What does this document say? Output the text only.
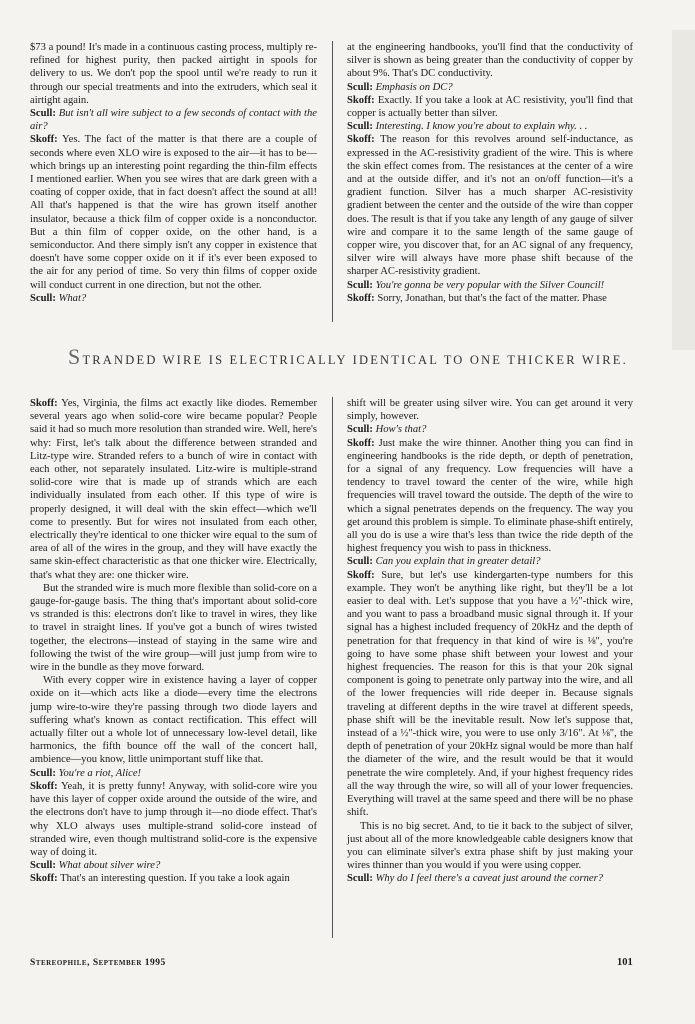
$73 a pound! It's made in a continuous casting process, multiply re-refined for highest purity, then packed airtight in spools for delivery to us. We don't pop the spool until we're ready to run it through our special treatments and into the extruders, which seal it airtight again.

Scull: But isn't all wire subject to a few seconds of contact with the air?

Skoff: Yes. The fact of the matter is that there are a couple of seconds where even XLO wire is exposed to the air—it has to be—which brings up an interesting point regarding the thin-film effects I mentioned earlier. When you see wires that are dark green with a coating of copper oxide, that in fact doesn't affect the sound at all! All that's happened is that the wire has grown itself another insulator, because a thick film of copper oxide is a nonconductor. But a thin film of copper oxide, on the other hand, is a semiconductor. And there simply isn't any copper in existence that doesn't have some copper oxide on it if it's ever been exposed to the air for any period of time. So very thin films of copper oxide will conduct current in one direction, but not the other.

Scull: What?

at the engineering handbooks, you'll find that the conductivity of silver is shown as being greater than the conductivity of copper by about 9%. That's DC conductivity.

Scull: Emphasis on DC?

Skoff: Exactly. If you take a look at AC resistivity, you'll find that copper is actually better than silver.

Scull: Interesting. I know you're about to explain why. . .

Skoff: The reason for this revolves around self-inductance, as expressed in the AC-resistivity gradient of the wire. This is where the skin effect comes from. The resistances at the center of a wire and at the outside differ, and it's not an on/off function—it's a gradient function. Silver has a much sharper AC-resistivity gradient between the center and the outside of the wire than copper does. The result is that if you take any length of any gauge of silver wire and compare it to the same length of the same gauge of copper wire, you discover that, for an AC signal of any frequency, silver wire will always have more phase shift because of the sharper AC-resistivity gradient.

Scull: You're gonna be very popular with the Silver Council!

Skoff: Sorry, Jonathan, but that's the fact of the matter. Phase

STRANDED WIRE IS ELECTRICALLY IDENTICAL TO ONE THICKER WIRE.

Skoff: Yes, Virginia, the films act exactly like diodes. Remember several years ago when solid-core wire became popular? People said it had so much more resolution than stranded wire. Well, here's why: First, let's talk about the difference between stranded and Litz-type wire. Stranded refers to a bunch of wire in contact with each other, not separately insulated. Litz-wire is multiple-strand solid-core wire that is made up of strands which are each individually insulated from each other. If this type of wire is properly designed, it will deal with the skin effect—which we'll come to presently. But for wires not insulated from each other, electrically they're identical to one thicker wire equal to the sum of area of all of the wires in the group, and they will have exactly the same skin-effect characteristic as that one thicker wire. Electrically, that's what they are: one thicker wire.

But the stranded wire is much more flexible than solid-core on a gauge-for-gauge basis. The thing that's important about solid-core vs stranded is this: electrons don't like to travel in wires, they like to travel in straight lines. If you've got a bunch of wires twisted together, the electrons—instead of staying in the same wire and following the twist of the wire group—will just jump from wire to wire in the bundle as they move forward.

With every copper wire in existence having a layer of copper oxide on it—which acts like a diode—every time the electrons jump wire-to-wire they're passing through two diode layers and suffering what's known as contact rectification. This effect will actually filter out a whole lot of unnecessary low-level detail, like harmonics, the fifth bounce off the wall of the concert hall, ambience—you know, little unimportant stuff like that.

Scull: You're a riot, Alice!

Skoff: Yeah, it is pretty funny! Anyway, with solid-core wire you have this layer of copper oxide around the outside of the wire, and the electrons don't have to jump through it—no diode effect. That's why XLO always uses multiple-strand solid-core instead of stranded wire, even though multistrand solid-core is the expensive way of doing it.

Scull: What about silver wire?

Skoff: That's an interesting question. If you take a look again

shift will be greater using silver wire. You can get around it very simply, however.

Scull: How's that?

Skoff: Just make the wire thinner. Another thing you can find in engineering handbooks is the ride depth, or depth of penetration, for a signal of any frequency. Low frequencies will have a tendency to travel toward the center of the wire, while high frequencies will travel toward the outside. The depth of the wire to which a signal penetrates depends on the frequency. The way you get around this problem is simple. To eliminate phase-shift entirely, all you do is use a wire that's less than twice the ride depth of the highest frequency you wish to pass in thickness.

Scull: Can you explain that in greater detail?

Skoff: Sure, but let's use kindergarten-type numbers for this example. They won't be anything like right, but they'll be a lot easier to deal with. Let's suppose that you have a ½"-thick wire, and you want to pass a broadband music signal through it. If your signal has a highest included frequency of 20kHz and the depth of penetration for that frequency in that kind of wire is ⅛", you're going to have some phase shift between your lowest and your highest frequencies. The reason for this is that your 20k signal component is going to penetrate only partway into the wire, and all of the lower frequencies will ride deeper in. Because signals traveling at different depths in the wire travel at different speeds, phase shift will be the inevitable result. Now let's suppose that, instead of a ½"-thick wire, you were to use only 3/16". At ⅛", the depth of penetration of your 20kHz signal would be more than half the diameter of the wire, and the result would be that it would penetrate the wire completely. And, if your highest frequency rides all the way through the wire, so will all of your lower frequencies. Everything will travel at the same speed and there will be no phase shift.

This is no big secret. And, to tie it back to the subject of silver, just about all of the more knowledgeable cable designers know that you can eliminate silver's extra phase shift by just making your wires thinner than you would if you were using copper.

Scull: Why do I feel there's a caveat just around the corner?

Stereophile, September 1995	101
